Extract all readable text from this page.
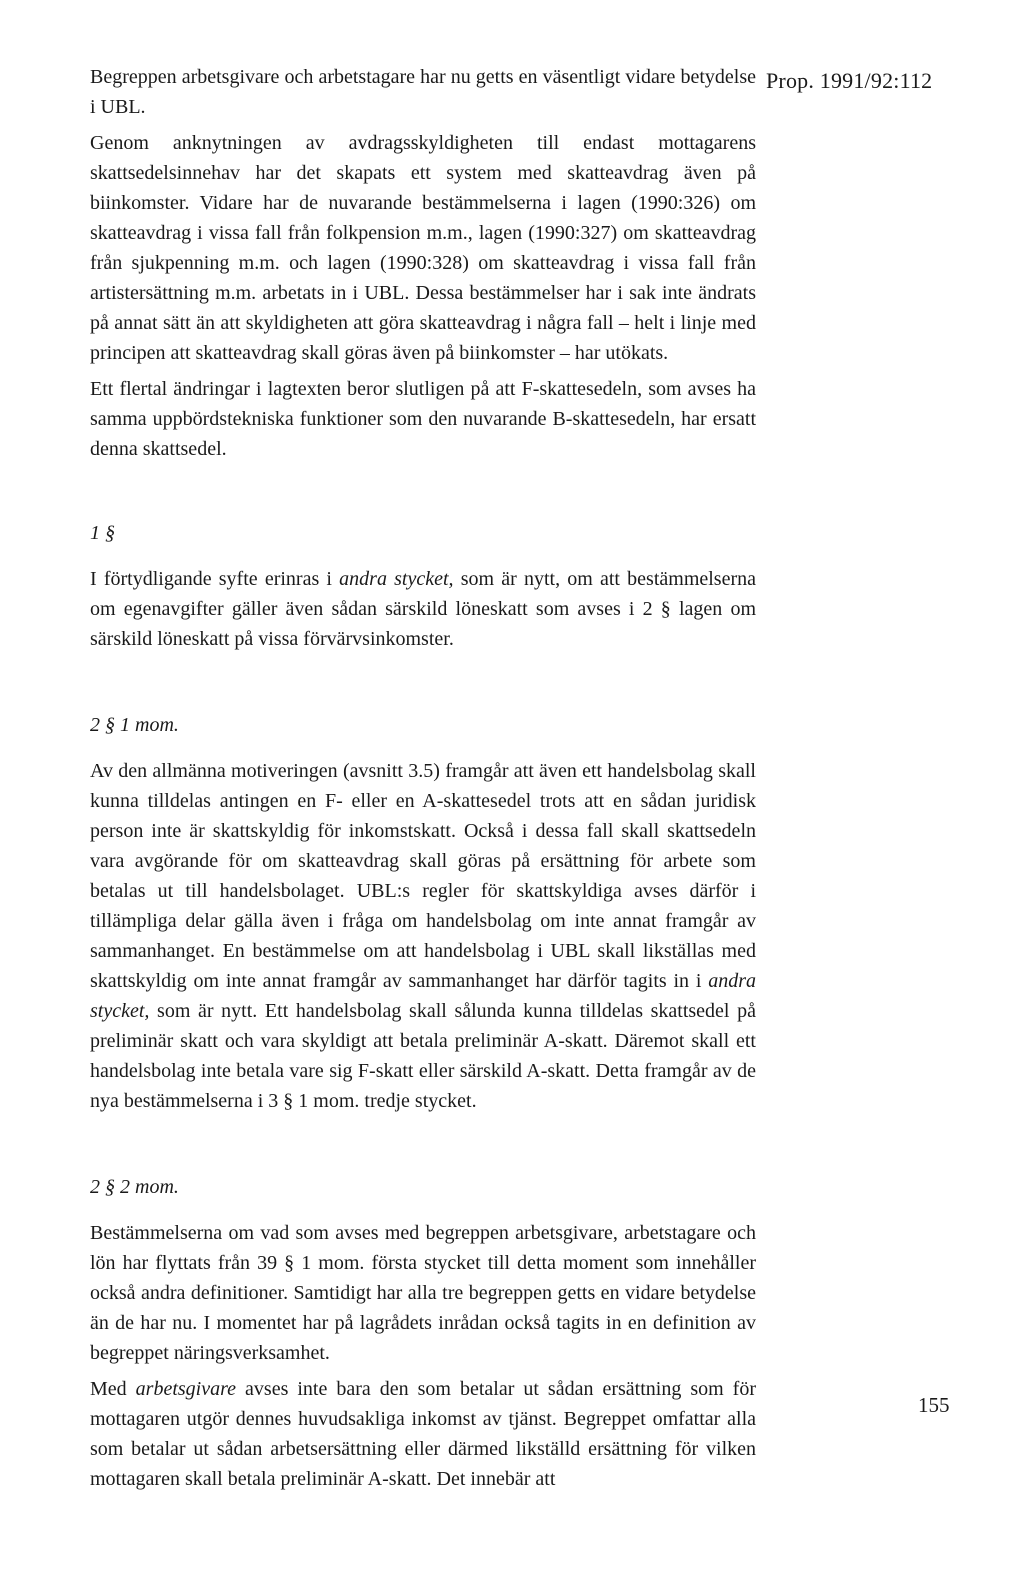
Prop. 1991/92:112

Begreppen arbetsgivare och arbetstagare har nu getts en väsentligt vidare betydelse i UBL.

Genom anknytningen av avdragsskyldigheten till endast mottagarens skattsedelsinnehav har det skapats ett system med skatteavdrag även på biinkomster. Vidare har de nuvarande bestämmelserna i lagen (1990:326) om skatteavdrag i vissa fall från folkpension m.m., lagen (1990:327) om skatteavdrag från sjukpenning m.m. och lagen (1990:328) om skatteavdrag i vissa fall från artistersättning m.m. arbetats in i UBL. Dessa bestämmelser har i sak inte ändrats på annat sätt än att skyldigheten att göra skatteavdrag i några fall – helt i linje med principen att skatteavdrag skall göras även på biinkomster – har utökats.

Ett flertal ändringar i lagtexten beror slutligen på att F-skattesedeln, som avses ha samma uppbördstekniska funktioner som den nuvarande B-skattesedeln, har ersatt denna skattsedel.

1 §

I förtydligande syfte erinras i andra stycket, som är nytt, om att bestämmelserna om egenavgifter gäller även sådan särskild löneskatt som avses i 2 § lagen om särskild löneskatt på vissa förvärvsinkomster.

2 § 1 mom.

Av den allmänna motiveringen (avsnitt 3.5) framgår att även ett handelsbolag skall kunna tilldelas antingen en F- eller en A-skattesedel trots att en sådan juridisk person inte är skattskyldig för inkomstskatt. Också i dessa fall skall skattsedeln vara avgörande för om skatteavdrag skall göras på ersättning för arbete som betalas ut till handelsbolaget. UBL:s regler för skattskyldiga avses därför i tillämpliga delar gälla även i fråga om handelsbolag om inte annat framgår av sammanhanget. En bestämmelse om att handelsbolag i UBL skall likställas med skattskyldig om inte annat framgår av sammanhanget har därför tagits in i andra stycket, som är nytt. Ett handelsbolag skall sålunda kunna tilldelas skattsedel på preliminär skatt och vara skyldigt att betala preliminär A-skatt. Däremot skall ett handelsbolag inte betala vare sig F-skatt eller särskild A-skatt. Detta framgår av de nya bestämmelserna i 3 § 1 mom. tredje stycket.

2 § 2 mom.

Bestämmelserna om vad som avses med begreppen arbetsgivare, arbetstagare och lön har flyttats från 39 § 1 mom. första stycket till detta moment som innehåller också andra definitioner. Samtidigt har alla tre begreppen getts en vidare betydelse än de har nu. I momentet har på lagrådets inrådan också tagits in en definition av begreppet näringsverksamhet.

Med arbetsgivare avses inte bara den som betalar ut sådan ersättning som för mottagaren utgör dennes huvudsakliga inkomst av tjänst. Begreppet omfattar alla som betalar ut sådan arbetsersättning eller därmed likställd ersättning för vilken mottagaren skall betala preliminär A-skatt. Det innebär att

155
